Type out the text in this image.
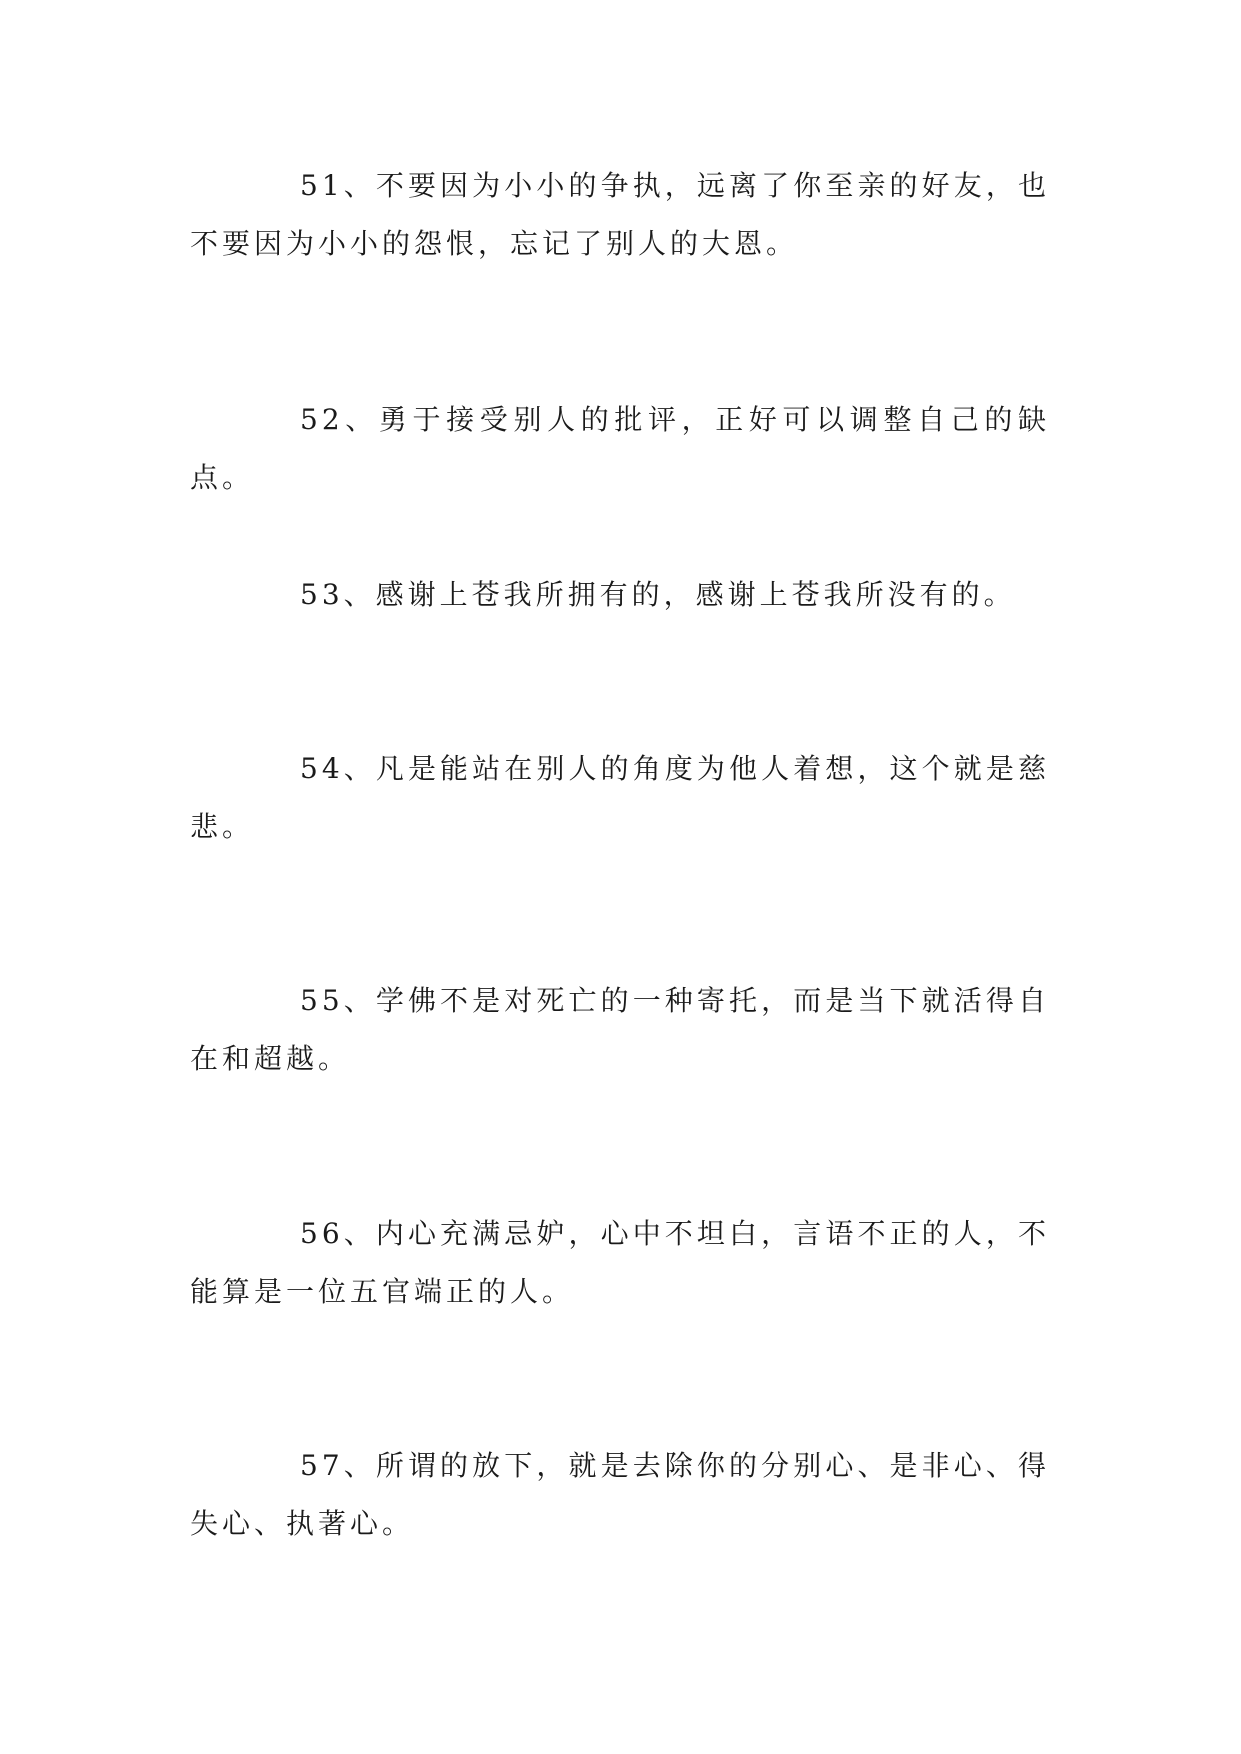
51、不要因为小小的争执，远离了你至亲的好友，也不要因为小小的怨恨，忘记了别人的大恩。

52、勇于接受别人的批评，正好可以调整自己的缺点。

53、感谢上苍我所拥有的，感谢上苍我所没有的。

54、凡是能站在别人的角度为他人着想，这个就是慈悲。

55、学佛不是对死亡的一种寄托，而是当下就活得自在和超越。

56、内心充满忌妒，心中不坦白，言语不正的人，不能算是一位五官端正的人。

57、所谓的放下，就是去除你的分别心、是非心、得失心、执著心。
